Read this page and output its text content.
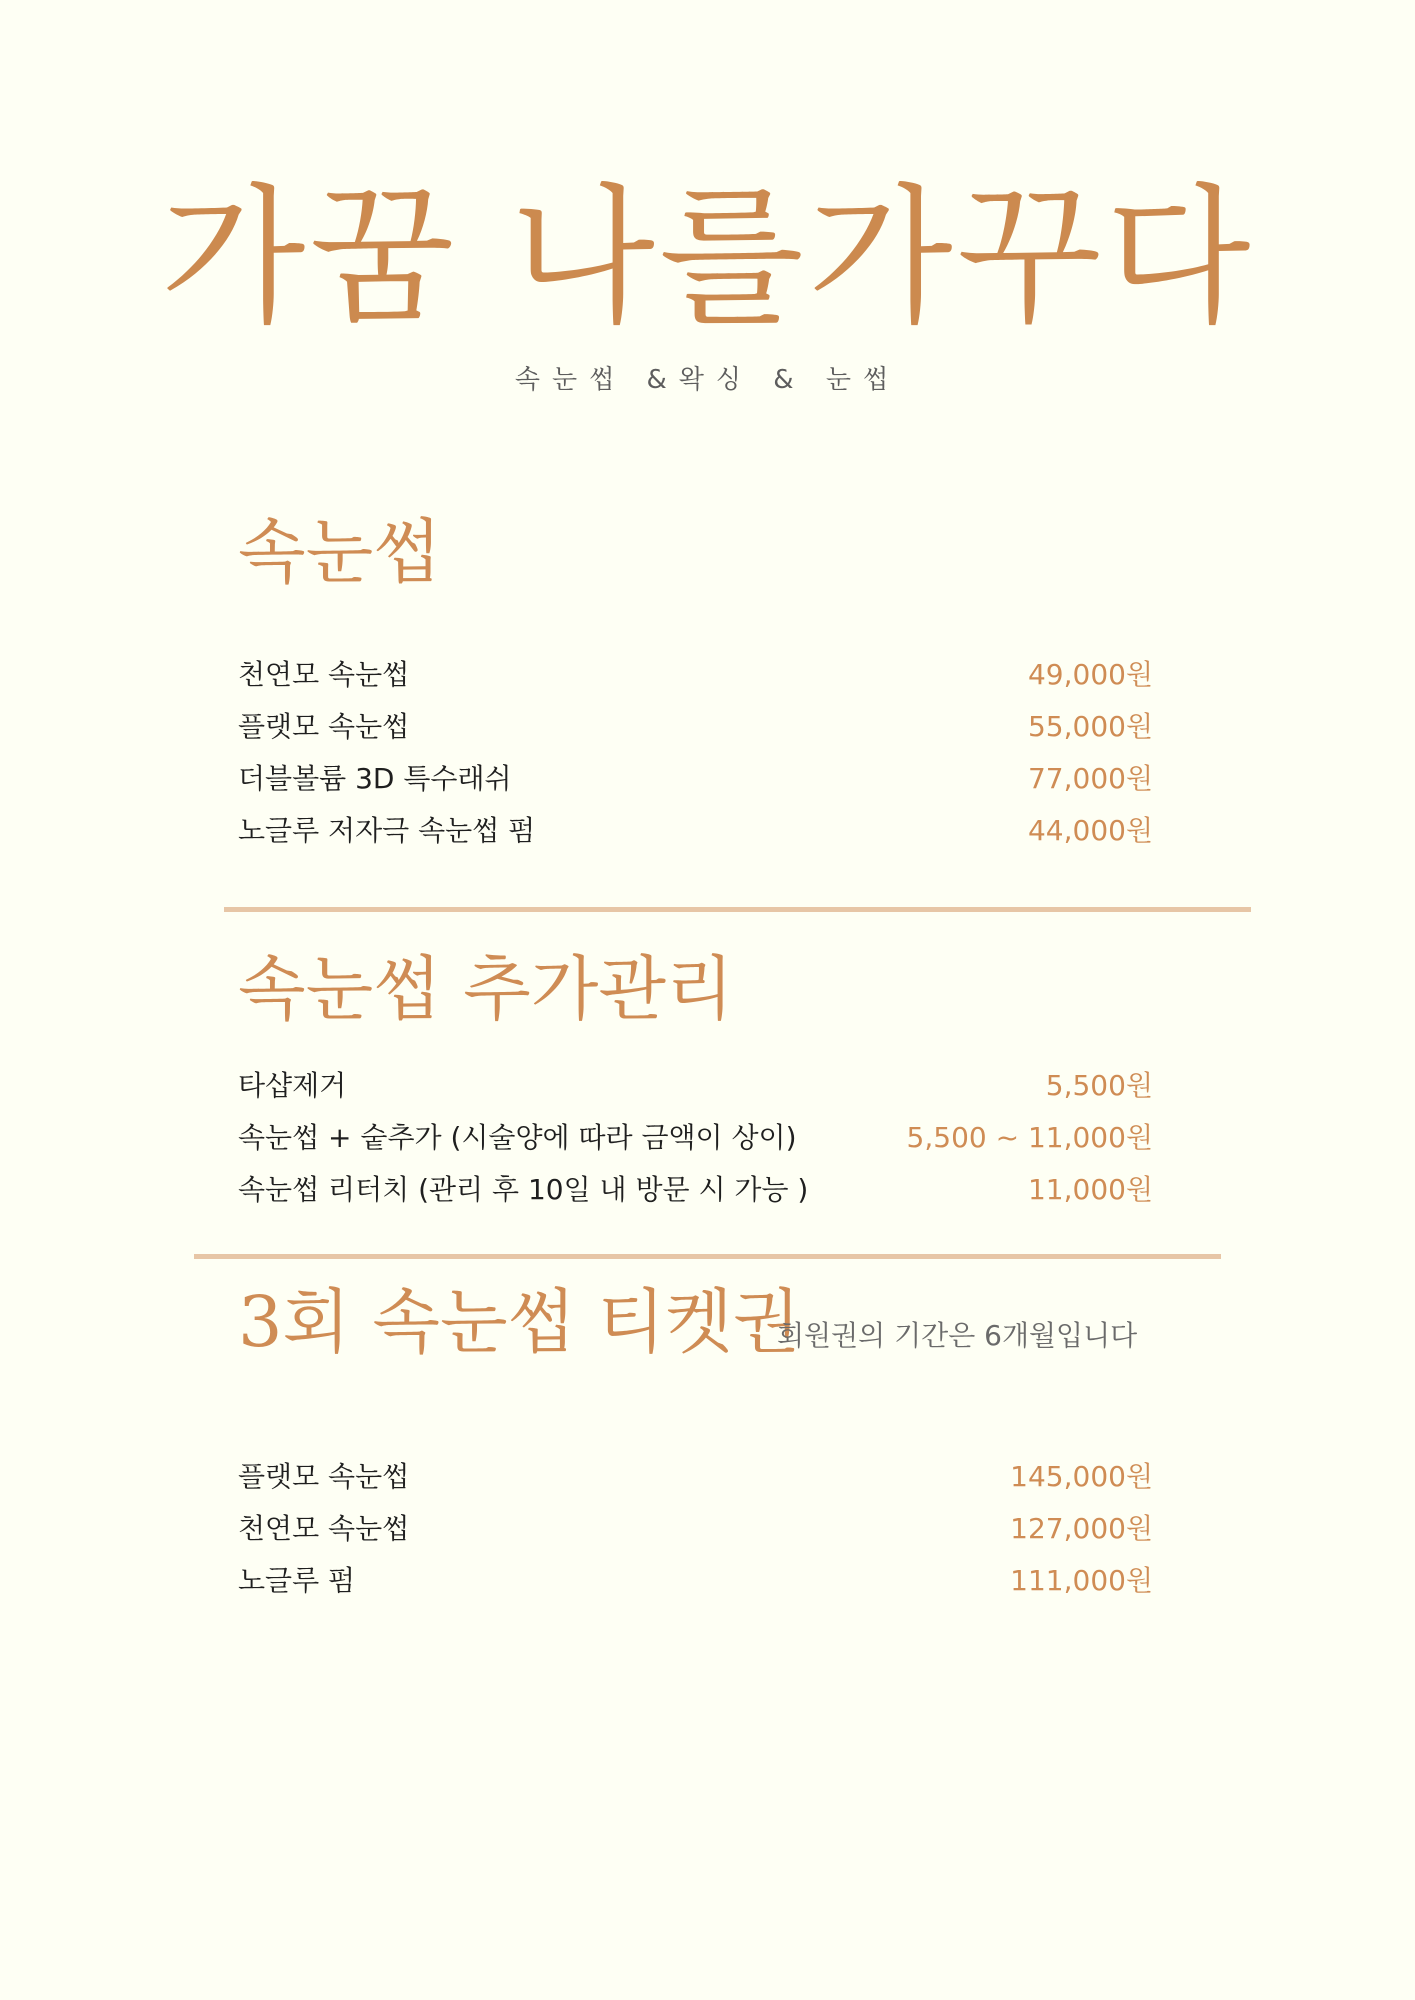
가꿈 나를가꾸다
속눈썹 &왁싱 & 눈썹
속눈썹
천연모 속눈썹	49,000원
플랫모 속눈썹	55,000원
더블볼륨 3D 특수래쉬	77,000원
노글루 저자극 속눈썹 펌	44,000원
속눈썹 추가관리
타샵제거	5,500원
속눈썹 + 숱추가 (시술양에 따라 금액이 상이)	5,500 ~ 11,000원
속눈썹 리터치 (관리 후 10일 내 방문 시 가능 )	11,000원
3회 속눈썹 티켓권
회원권의 기간은 6개월입니다
플랫모 속눈썹	145,000원
천연모 속눈썹	127,000원
노글루 펌	111,000원
